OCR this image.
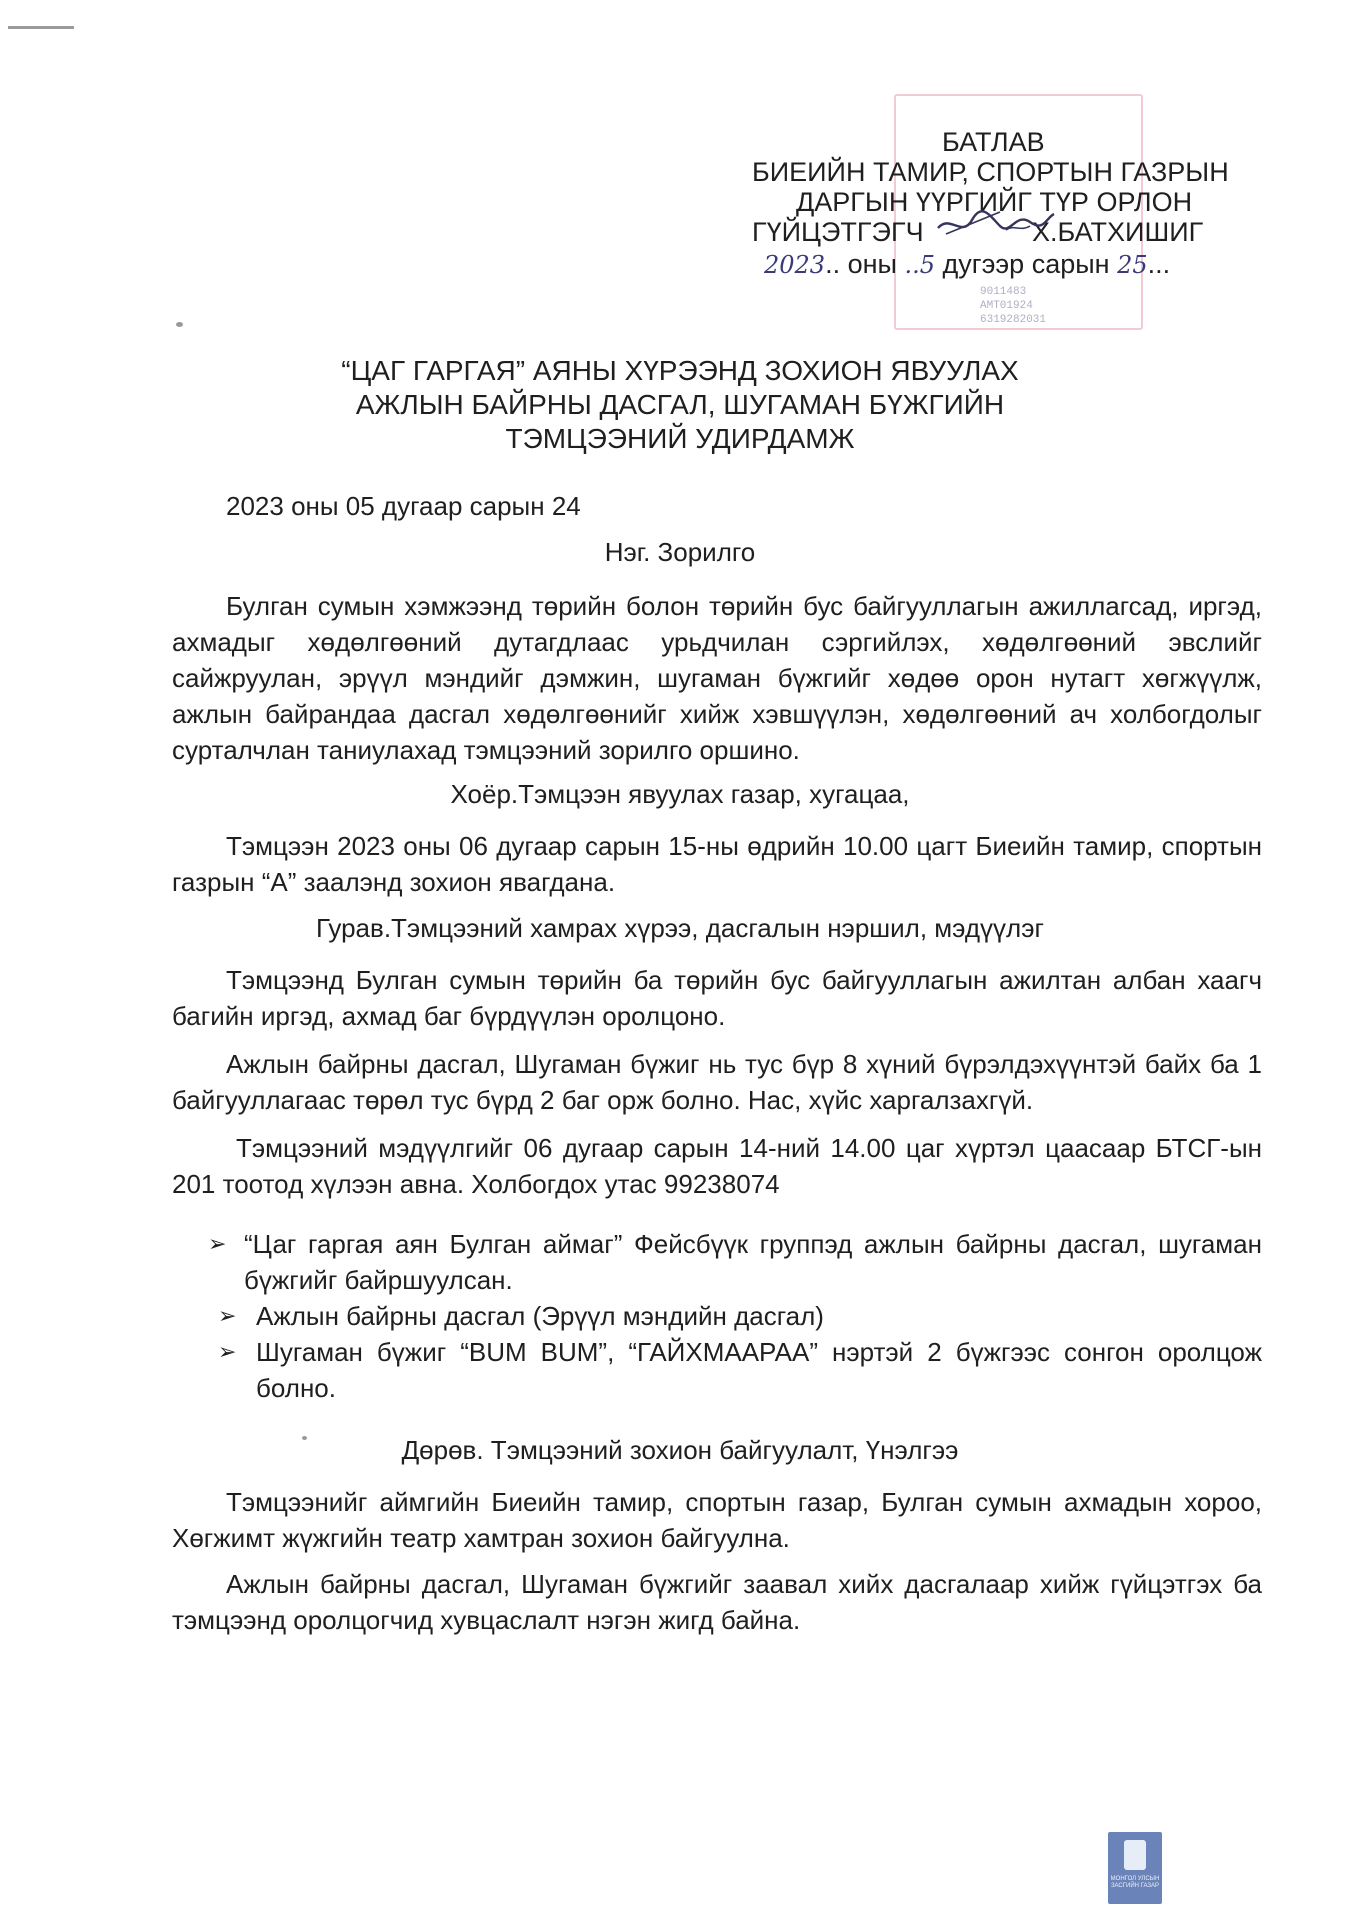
9011483
АМТ01924
6319282031
БАТЛАВ
БИЕИЙН ТАМИР, СПОРТЫН ГАЗРЫН
ДАРГЫН ҮҮРГИЙГ ТҮР ОРЛОН
ГҮЙЦЭТГЭГЧ	Х.БАТХИШИГ
2023.. оны ..5 дугээр сарын 25...
“ЦАГ ГАРГАЯ” АЯНЫ ХҮРЭЭНД ЗОХИОН ЯВУУЛАХ
АЖЛЫН БАЙРНЫ ДАСГАЛ, ШУГАМАН БҮЖГИЙН
ТЭМЦЭЭНИЙ УДИРДАМЖ
2023 оны 05 дугаар сарын 24
Нэг. Зорилго
Булган сумын хэмжээнд төрийн болон төрийн бус байгууллагын ажиллагсад, иргэд, ахмадыг хөдөлгөөний дутагдлаас урьдчилан сэргийлэх, хөдөлгөөний эвслийг сайжруулан, эрүүл мэндийг дэмжин, шугаман бүжгийг хөдөө орон нутагт хөгжүүлж, ажлын байрандаа дасгал хөдөлгөөнийг хийж хэвшүүлэн, хөдөлгөөний ач холбогдолыг сурталчлан таниулахад тэмцээний зорилго оршино.
Хоёр.Тэмцээн явуулах газар, хугацаа,
Тэмцээн 2023 оны 06 дугаар сарын 15-ны өдрийн 10.00 цагт Биеийн тамир, спортын газрын “А” заалэнд зохион явагдана.
Гурав.Тэмцээний хамрах хүрээ, дасгалын нэршил, мэдүүлэг
Тэмцээнд Булган сумын төрийн ба төрийн бус байгууллагын ажилтан албан хаагч багийн иргэд, ахмад баг бүрдүүлэн оролцоно.
Ажлын байрны дасгал, Шугаман бүжиг нь тус бүр 8 хүний бүрэлдэхүүнтэй байх ба 1 байгууллагаас төрөл тус бүрд 2 баг орж болно. Нас, хүйс харгалзахгүй.
Тэмцээний мэдүүлгийг 06 дугаар сарын 14-ний 14.00 цаг хүртэл цаасаар БТСГ-ын 201 тоотод хүлээн авна. Холбогдох утас 99238074
➢ “Цаг гаргая аян Булган аймаг” Фейсбүүк группэд ажлын байрны дасгал, шугаман бүжгийг байршуулсан.
➢ Ажлын байрны дасгал (Эрүүл мэндийн дасгал)
➢ Шугаман бүжиг “BUM BUM”, “ГАЙХМААРАА” нэртэй 2 бүжгээс сонгон оролцож болно.
Дөрөв. Тэмцээний зохион байгуулалт, Үнэлгээ
Тэмцээнийг аймгийн Биеийн тамир, спортын газар, Булган сумын ахмадын хороо, Хөгжимт жүжгийн театр хамтран зохион байгуулна.
Ажлын байрны дасгал, Шугаман бүжгийг заавал хийх дасгалаар хийж гүйцэтгэх ба тэмцээнд оролцогчид хувцаслалт нэгэн жигд байна.
МОНГОЛ УЛСЫН ЗАСГИЙН ГАЗАР
